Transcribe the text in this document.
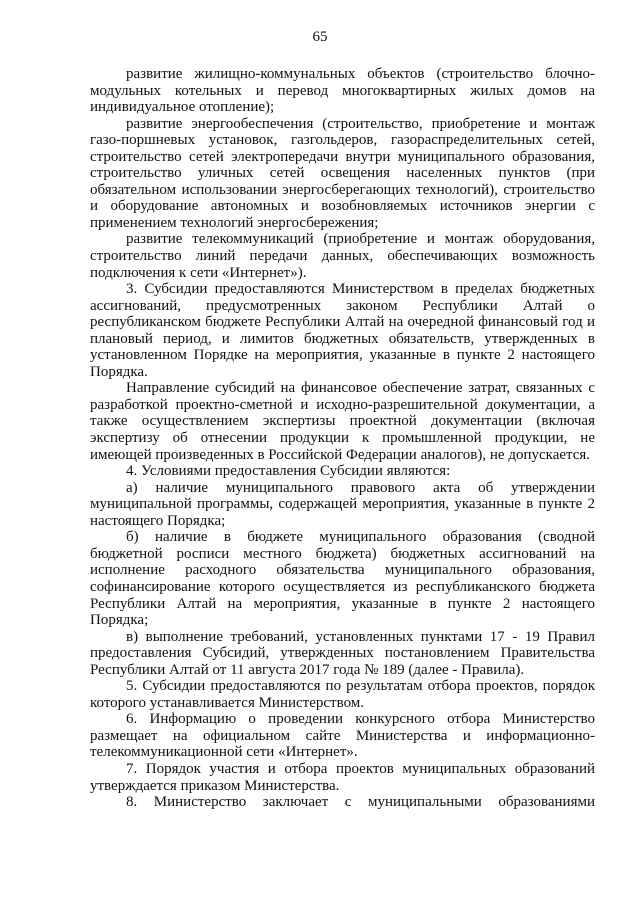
65

развитие жилищно-коммунальных объектов (строительство блочно-модульных котельных и перевод многоквартирных жилых домов на индивидуальное отопление);

развитие энергообеспечения (строительство, приобретение и монтаж газо-поршневых установок, газгольдеров, газораспределительных сетей, строительство сетей электропередачи внутри муниципального образования, строительство уличных сетей освещения населенных пунктов (при обязательном использовании энергосберегающих технологий), строительство и оборудование автономных и возобновляемых источников энергии с применением технологий энергосбережения;

развитие телекоммуникаций (приобретение и монтаж оборудования, строительство линий передачи данных, обеспечивающих возможность подключения к сети «Интернет»).

3. Субсидии предоставляются Министерством в пределах бюджетных ассигнований, предусмотренных законом Республики Алтай о республиканском бюджете Республики Алтай на очередной финансовый год и плановый период, и лимитов бюджетных обязательств, утвержденных в установленном Порядке на мероприятия, указанные в пункте 2 настоящего Порядка.

Направление субсидий на финансовое обеспечение затрат, связанных с разработкой проектно-сметной и исходно-разрешительной документации, а также осуществлением экспертизы проектной документации (включая экспертизу об отнесении продукции к промышленной продукции, не имеющей произведенных в Российской Федерации аналогов), не допускается.

4. Условиями предоставления Субсидии являются:

а) наличие муниципального правового акта об утверждении муниципальной программы, содержащей мероприятия, указанные в пункте 2 настоящего Порядка;

б) наличие в бюджете муниципального образования (сводной бюджетной росписи местного бюджета) бюджетных ассигнований на исполнение расходного обязательства муниципального образования, софинансирование которого осуществляется из республиканского бюджета Республики Алтай на мероприятия, указанные в пункте 2 настоящего Порядка;

в) выполнение требований, установленных пунктами 17 - 19 Правил предоставления Субсидий, утвержденных постановлением Правительства Республики Алтай от 11 августа 2017 года № 189 (далее - Правила).

5. Субсидии предоставляются по результатам отбора проектов, порядок которого устанавливается Министерством.

6. Информацию о проведении конкурсного отбора Министерство размещает на официальном сайте Министерства и информационно-телекоммуникационной сети «Интернет».

7. Порядок участия и отбора проектов муниципальных образований утверждается приказом Министерства.

8. Министерство заключает с муниципальными образованиями
